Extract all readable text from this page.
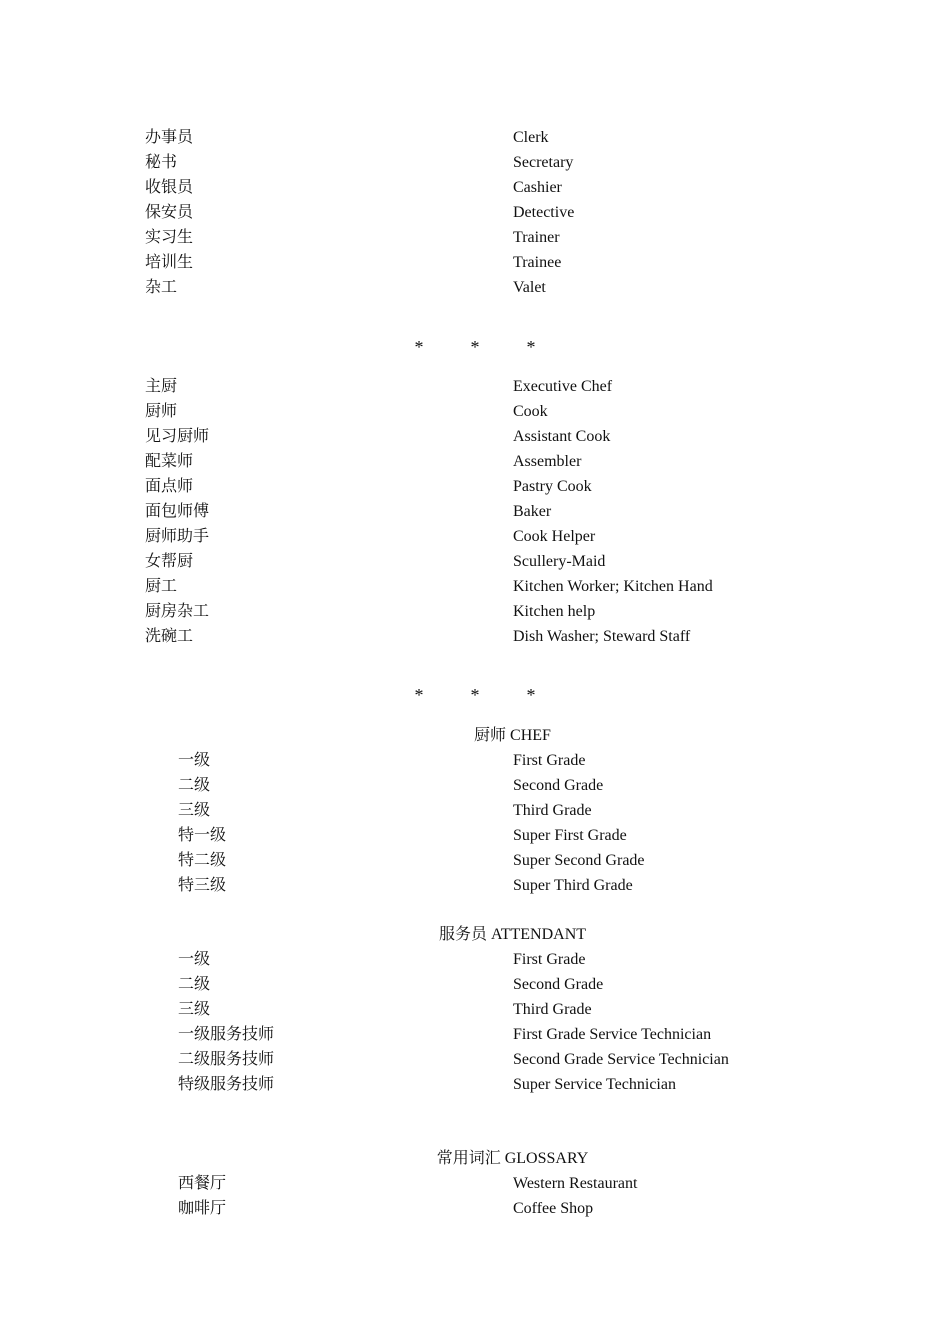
办事员	Clerk
秘书	Secretary
收银员	Cashier
保安员	Detective
实习生	Trainer
培训生	Trainee
杂工	Valet
*	*	*
主厨	Executive Chef
厨师	Cook
见习厨师	Assistant Cook
配菜师	Assembler
面点师	Pastry Cook
面包师傅	Baker
厨师助手	Cook Helper
女帮厨	Scullery-Maid
厨工	Kitchen Worker; Kitchen Hand
厨房杂工	Kitchen help
洗碗工	Dish Washer; Steward Staff
*	*	*
厨师 CHEF
一级	First Grade
二级	Second Grade
三级	Third Grade
特一级	Super First Grade
特二级	Super Second Grade
特三级	Super Third Grade
服务员 ATTENDANT
一级	First Grade
二级	Second Grade
三级	Third Grade
一级服务技师	First Grade Service Technician
二级服务技师	Second Grade Service Technician
特级服务技师	Super Service Technician
常用词汇 GLOSSARY
西餐厅	Western Restaurant
咖啡厅	Coffee Shop
